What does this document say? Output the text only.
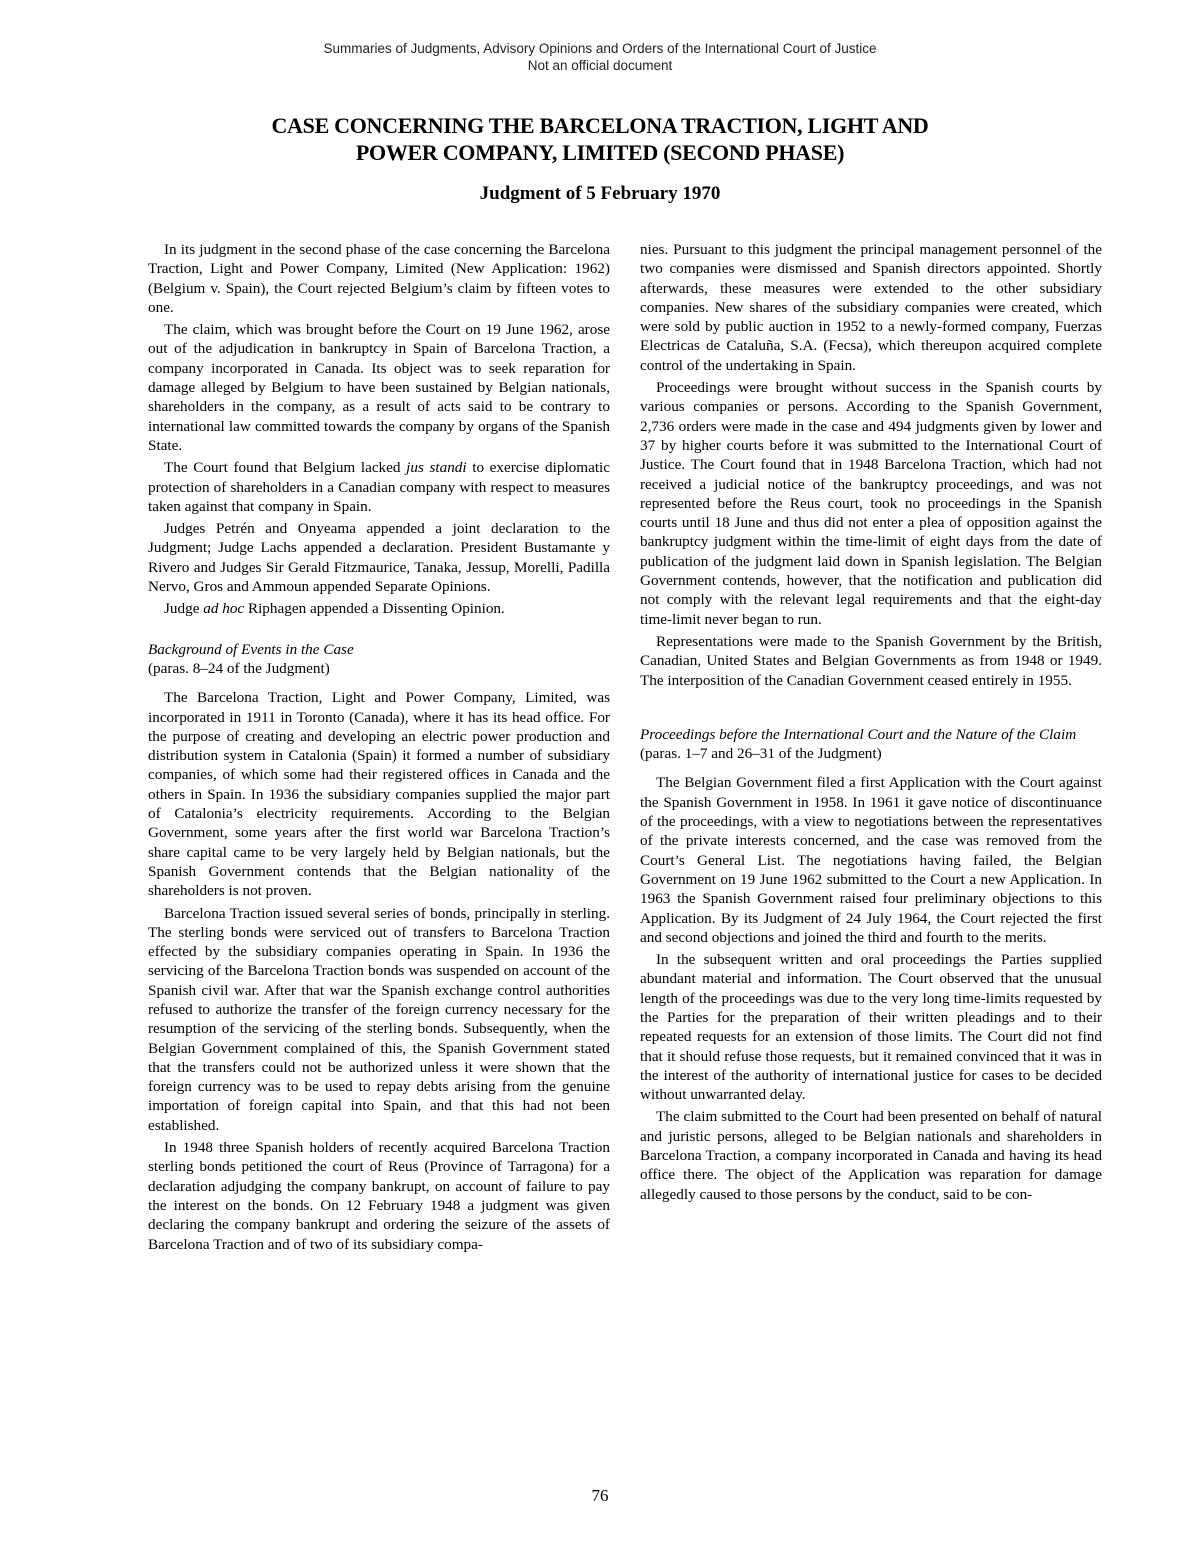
Summaries of Judgments, Advisory Opinions and Orders of the International Court of Justice
Not an official document
CASE CONCERNING THE BARCELONA TRACTION, LIGHT AND
POWER COMPANY, LIMITED (SECOND PHASE)
Judgment of 5 February 1970

In its judgment in the second phase of the case concerning the Barcelona Traction, Light and Power Company, Limited (New Application: 1962) (Belgium v. Spain), the Court rejected Belgium’s claim by fifteen votes to one.

The claim, which was brought before the Court on 19 June 1962, arose out of the adjudication in bankruptcy in Spain of Barcelona Traction, a company incorporated in Canada. Its object was to seek reparation for damage alleged by Belgium to have been sustained by Belgian nationals, shareholders in the company, as a result of acts said to be contrary to international law committed towards the company by organs of the Spanish State.

The Court found that Belgium lacked jus standi to exercise diplomatic protection of shareholders in a Canadian company with respect to measures taken against that company in Spain.

Judges Petrén and Onyeama appended a joint declaration to the Judgment; Judge Lachs appended a declaration. President Bustamante y Rivero and Judges Sir Gerald Fitzmaurice, Tanaka, Jessup, Morelli, Padilla Nervo, Gros and Ammoun appended Separate Opinions.

Judge ad hoc Riphagen appended a Dissenting Opinion.

Background of Events in the Case

(paras. 8–24 of the Judgment)

The Barcelona Traction, Light and Power Company, Limited, was incorporated in 1911 in Toronto (Canada), where it has its head office. For the purpose of creating and developing an electric power production and distribution system in Catalonia (Spain) it formed a number of subsidiary companies, of which some had their registered offices in Canada and the others in Spain. In 1936 the subsidiary companies supplied the major part of Catalonia’s electricity requirements. According to the Belgian Government, some years after the first world war Barcelona Traction’s share capital came to be very largely held by Belgian nationals, but the Spanish Government contends that the Belgian nationality of the shareholders is not proven.

Barcelona Traction issued several series of bonds, principally in sterling. The sterling bonds were serviced out of transfers to Barcelona Traction effected by the subsidiary companies operating in Spain. In 1936 the servicing of the Barcelona Traction bonds was suspended on account of the Spanish civil war. After that war the Spanish exchange control authorities refused to authorize the transfer of the foreign currency necessary for the resumption of the servicing of the sterling bonds. Subsequently, when the Belgian Government complained of this, the Spanish Government stated that the transfers could not be authorized unless it were shown that the foreign currency was to be used to repay debts arising from the genuine importation of foreign capital into Spain, and that this had not been established.

In 1948 three Spanish holders of recently acquired Barcelona Traction sterling bonds petitioned the court of Reus (Province of Tarragona) for a declaration adjudging the company bankrupt, on account of failure to pay the interest on the bonds. On 12 February 1948 a judgment was given declaring the company bankrupt and ordering the seizure of the assets of Barcelona Traction and of two of its subsidiary compa-

nies. Pursuant to this judgment the principal management personnel of the two companies were dismissed and Spanish directors appointed. Shortly afterwards, these measures were extended to the other subsidiary companies. New shares of the subsidiary companies were created, which were sold by public auction in 1952 to a newly-formed company, Fuerzas Electricas de Cataluña, S.A. (Fecsa), which thereupon acquired complete control of the undertaking in Spain.

Proceedings were brought without success in the Spanish courts by various companies or persons. According to the Spanish Government, 2,736 orders were made in the case and 494 judgments given by lower and 37 by higher courts before it was submitted to the International Court of Justice. The Court found that in 1948 Barcelona Traction, which had not received a judicial notice of the bankruptcy proceedings, and was not represented before the Reus court, took no proceedings in the Spanish courts until 18 June and thus did not enter a plea of opposition against the bankruptcy judgment within the time-limit of eight days from the date of publication of the judgment laid down in Spanish legislation. The Belgian Government contends, however, that the notification and publication did not comply with the relevant legal requirements and that the eight-day time-limit never began to run.

Representations were made to the Spanish Government by the British, Canadian, United States and Belgian Governments as from 1948 or 1949. The interposition of the Canadian Government ceased entirely in 1955.

Proceedings before the International Court and the Nature of the Claim

(paras. 1–7 and 26–31 of the Judgment)

The Belgian Government filed a first Application with the Court against the Spanish Government in 1958. In 1961 it gave notice of discontinuance of the proceedings, with a view to negotiations between the representatives of the private interests concerned, and the case was removed from the Court’s General List. The negotiations having failed, the Belgian Government on 19 June 1962 submitted to the Court a new Application. In 1963 the Spanish Government raised four preliminary objections to this Application. By its Judgment of 24 July 1964, the Court rejected the first and second objections and joined the third and fourth to the merits.

In the subsequent written and oral proceedings the Parties supplied abundant material and information. The Court observed that the unusual length of the proceedings was due to the very long time-limits requested by the Parties for the preparation of their written pleadings and to their repeated requests for an extension of those limits. The Court did not find that it should refuse those requests, but it remained convinced that it was in the interest of the authority of international justice for cases to be decided without unwarranted delay.

The claim submitted to the Court had been presented on behalf of natural and juristic persons, alleged to be Belgian nationals and shareholders in Barcelona Traction, a company incorporated in Canada and having its head office there. The object of the Application was reparation for damage allegedly caused to those persons by the conduct, said to be con-

76
